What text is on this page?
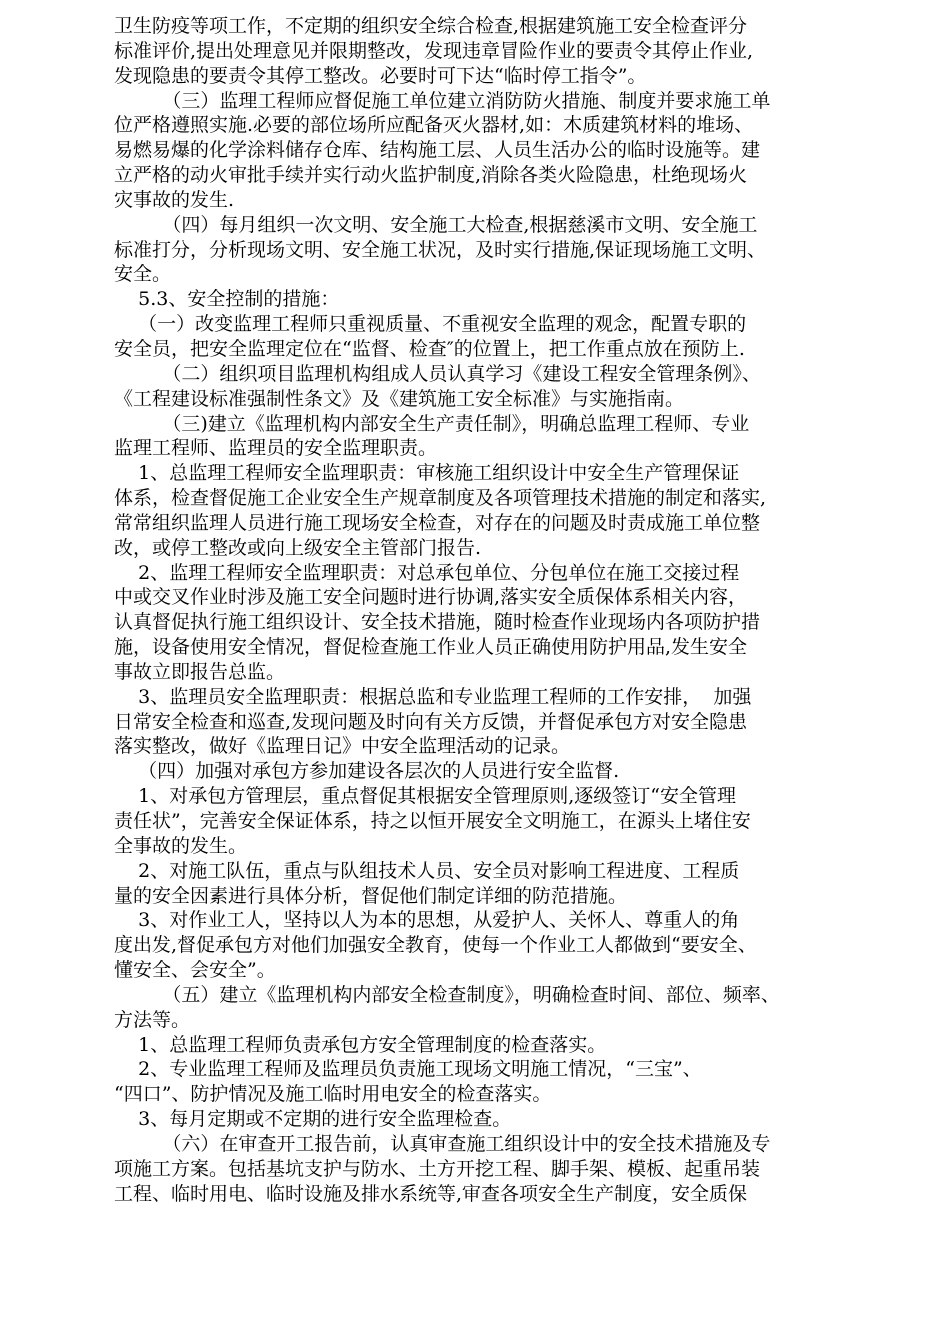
卫生防疫等项工作，不定期的组织安全综合检查,根据建筑施工安全检查评分

标准评价,提出处理意见并限期整改，发现违章冒险作业的要责令其停止作业,

发现隐患的要责令其停工整改。必要时可下达“临时停工指令”。

（三）监理工程师应督促施工单位建立消防防火措施、制度并要求施工单

位严格遵照实施.必要的部位场所应配备灭火器材,如：木质建筑材料的堆场、

易燃易爆的化学涂料储存仓库、结构施工层、人员生活办公的临时设施等。建

立严格的动火审批手续并实行动火监护制度,消除各类火险隐患，杜绝现场火

灾事故的发生.

（四）每月组织一次文明、安全施工大检查,根据慈溪市文明、安全施工

标准打分，分析现场文明、安全施工状况，及时实行措施,保证现场施工文明、

安全。

5.3、安全控制的措施：

（一）改变监理工程师只重视质量、不重视安全监理的观念，配置专职的

安全员，把安全监理定位在“监督、检查″的位置上，把工作重点放在预防上.

（二）组织项目监理机构组成人员认真学习《建设工程安全管理条例》、

《工程建设标准强制性条文》及《建筑施工安全标准》与实施指南。

（三)建立《监理机构内部安全生产责任制》，明确总监理工程师、专业

监理工程师、监理员的安全监理职责。

1、总监理工程师安全监理职责：审核施工组织设计中安全生产管理保证

体系，检查督促施工企业安全生产规章制度及各项管理技术措施的制定和落实,

常常组织监理人员进行施工现场安全检查，对存在的问题及时责成施工单位整

改，或停工整改或向上级安全主管部门报告.

2、监理工程师安全监理职责：对总承包单位、分包单位在施工交接过程

中或交叉作业时涉及施工安全问题时进行协调,落实安全质保体系相关内容，

认真督促执行施工组织设计、安全技术措施，随时检查作业现场内各项防护措

施，设备使用安全情况，督促检查施工作业人员正确使用防护用品,发生安全

事故立即报告总监。

3、监理员安全监理职责：根据总监和专业监理工程师的工作安排，  加强

日常安全检查和巡查,发现问题及时向有关方反馈，并督促承包方对安全隐患

落实整改，做好《监理日记》中安全监理活动的记录。

（四）加强对承包方参加建设各层次的人员进行安全监督.

1、对承包方管理层，重点督促其根据安全管理原则,逐级签订“安全管理

责任状”，完善安全保证体系，持之以恒开展安全文明施工，在源头上堵住安

全事故的发生。

2、对施工队伍，重点与队组技术人员、安全员对影响工程进度、工程质

量的安全因素进行具体分析，督促他们制定详细的防范措施。

3、对作业工人，坚持以人为本的思想，从爱护人、关怀人、尊重人的角

度出发,督促承包方对他们加强安全教育，使每一个作业工人都做到“要安全、

懂安全、会安全”。

（五）建立《监理机构内部安全检查制度》，明确检查时间、部位、频率、

方法等。

1、总监理工程师负责承包方安全管理制度的检查落实。

2、专业监理工程师及监理员负责施工现场文明施工情况，“三宝”、

“四口”、防护情况及施工临时用电安全的检查落实。

3、每月定期或不定期的进行安全监理检查。

（六）在审查开工报告前，认真审查施工组织设计中的安全技术措施及专

项施工方案。包括基坑支护与防水、土方开挖工程、脚手架、模板、起重吊装

工程、临时用电、临时设施及排水系统等,审查各项安全生产制度，安全质保
